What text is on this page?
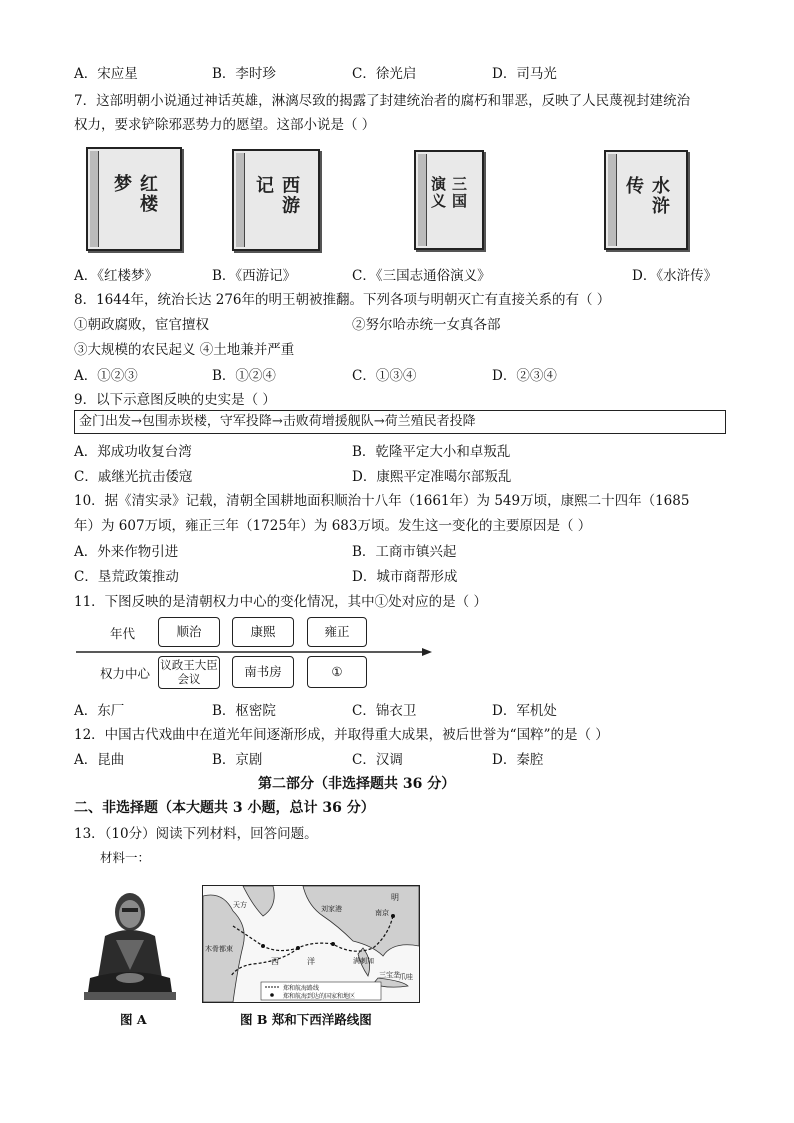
A．宋应星	B．李时珍	C．徐光启	D．司马光
7．这部明朝小说通过神话英雄，淋漓尽致的揭露了封建统治者的腐朽和罪恶，反映了人民蔑视封建统治
权力，要求铲除邪恶势力的愿望。这部小说是（ ）
红楼梦	西游记	三国演义	水浒传
A．《红楼梦》	B．《西游记》	C．《三国志通俗演义》	D．《水浒传》
8．1644年，统治长达 276年的明王朝被推翻。下列各项与明朝灭亡有直接关系的有（ ）
①朝政腐败，宦官擅权	②努尔哈赤统一女真各部
③大规模的农民起义 ④土地兼并严重
A．①②③	B．①②④	C．①③④	D．②③④
9．以下示意图反映的史实是（ ）
金门出发→包围赤崁楼，守军投降→击败荷增援舰队→荷兰殖民者投降
A．郑成功收复台湾	B．乾隆平定大小和卓叛乱
C．戚继光抗击倭寇	D．康熙平定准噶尔部叛乱
10．据《清实录》记载，清朝全国耕地面积顺治十八年（1661年）为 549万顷，康熙二十四年（1685
年）为 607万顷，雍正三年（1725年）为 683万顷。发生这一变化的主要原因是（ ）
A．外来作物引进	B．工商市镇兴起
C．垦荒政策推动	D．城市商帮形成
11．下图反映的是清朝权力中心的变化情况，其中①处对应的是（ ）
年代
权力中心
顺治	康熙	雍正
议政王大臣会议	南书房	①
A．东厂	B．枢密院	C．锦衣卫	D．军机处
12．中国古代戏曲中在道光年间逐渐形成，并取得重大成果，被后世誉为“国粹”的是（ ）
A．昆曲	B．京剧	C．汉调	D．秦腔
第二部分（非选择题共 36 分）
二、非选择题（本大题共 3 小题，总计 36 分）
13．（10分）阅读下列材料，回答问题。
材料一：
图 A
天方
木骨都束
西	洋	满刺加
明
南京
刘家港
三宝垄 爪哇
郑和航海路线
郑和航海到达的国家和地区
图 B 郑和下西洋路线图
